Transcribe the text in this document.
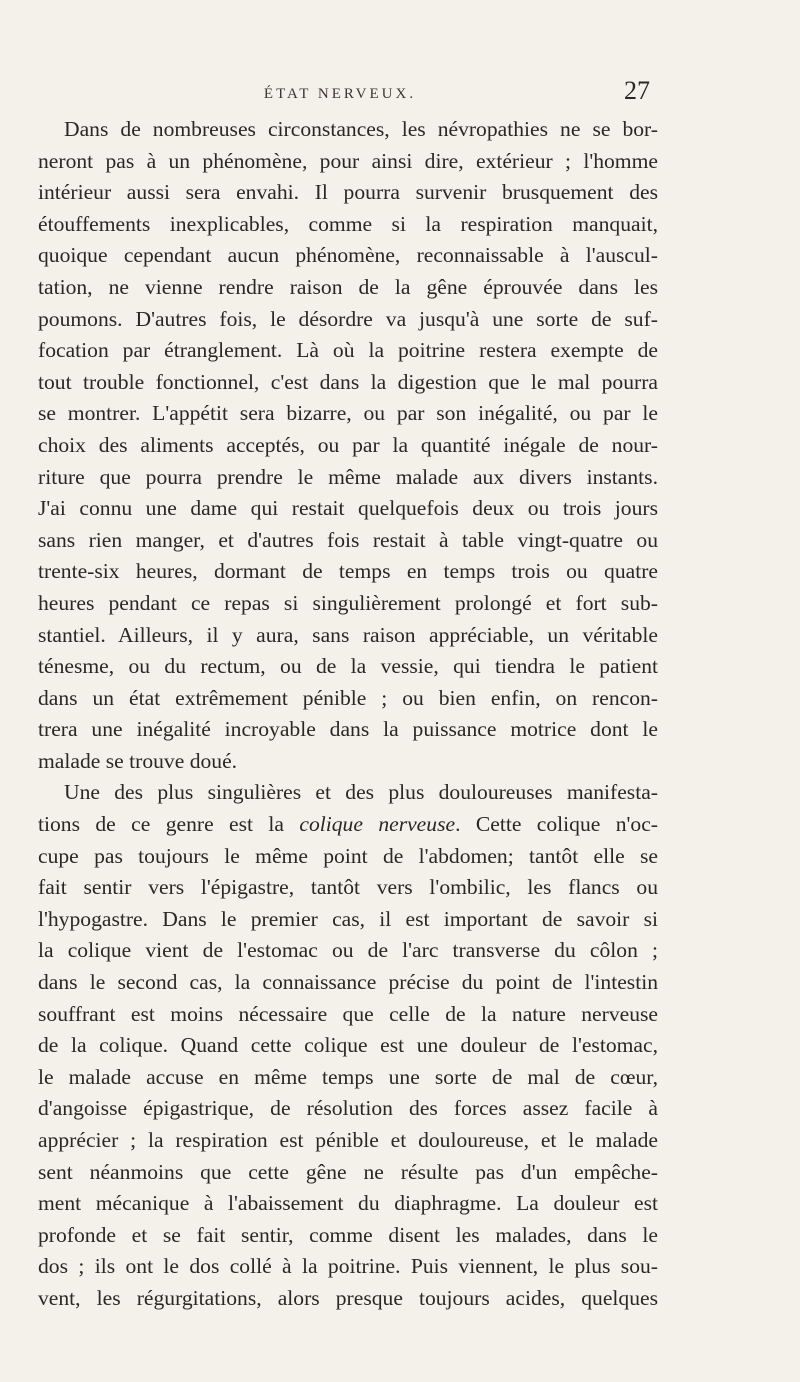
ÉTAT NERVEUX.	27
Dans de nombreuses circonstances, les névropathies ne se bor-
neront pas à un phénomène, pour ainsi dire, extérieur ; l'homme
intérieur aussi sera envahi. Il pourra survenir brusquement des
étouffements inexplicables, comme si la respiration manquait,
quoique cependant aucun phénomène, reconnaissable à l'auscul-
tation, ne vienne rendre raison de la gêne éprouvée dans les
poumons. D'autres fois, le désordre va jusqu'à une sorte de suf-
focation par étranglement. Là où la poitrine restera exempte de
tout trouble fonctionnel, c'est dans la digestion que le mal pourra
se montrer. L'appétit sera bizarre, ou par son inégalité, ou par le
choix des aliments acceptés, ou par la quantité inégale de nour-
riture que pourra prendre le même malade aux divers instants.
J'ai connu une dame qui restait quelquefois deux ou trois jours
sans rien manger, et d'autres fois restait à table vingt-quatre ou
trente-six heures, dormant de temps en temps trois ou quatre
heures pendant ce repas si singulièrement prolongé et fort sub-
stantiel. Ailleurs, il y aura, sans raison appréciable, un véritable
ténesme, ou du rectum, ou de la vessie, qui tiendra le patient
dans un état extrêmement pénible ; ou bien enfin, on rencon-
trera une inégalité incroyable dans la puissance motrice dont le
malade se trouve doué.
Une des plus singulières et des plus douloureuses manifesta-
tions de ce genre est la colique nerveuse. Cette colique n'oc-
cupe pas toujours le même point de l'abdomen; tantôt elle se
fait sentir vers l'épigastre, tantôt vers l'ombilic, les flancs ou
l'hypogastre. Dans le premier cas, il est important de savoir si
la colique vient de l'estomac ou de l'arc transverse du côlon ;
dans le second cas, la connaissance précise du point de l'intestin
souffrant est moins nécessaire que celle de la nature nerveuse
de la colique. Quand cette colique est une douleur de l'estomac,
le malade accuse en même temps une sorte de mal de cœur,
d'angoisse épigastrique, de résolution des forces assez facile à
apprécier ; la respiration est pénible et douloureuse, et le malade
sent néanmoins que cette gêne ne résulte pas d'un empêche-
ment mécanique à l'abaissement du diaphragme. La douleur est
profonde et se fait sentir, comme disent les malades, dans le
dos ; ils ont le dos collé à la poitrine. Puis viennent, le plus sou-
vent, les régurgitations, alors presque toujours acides, quelques
